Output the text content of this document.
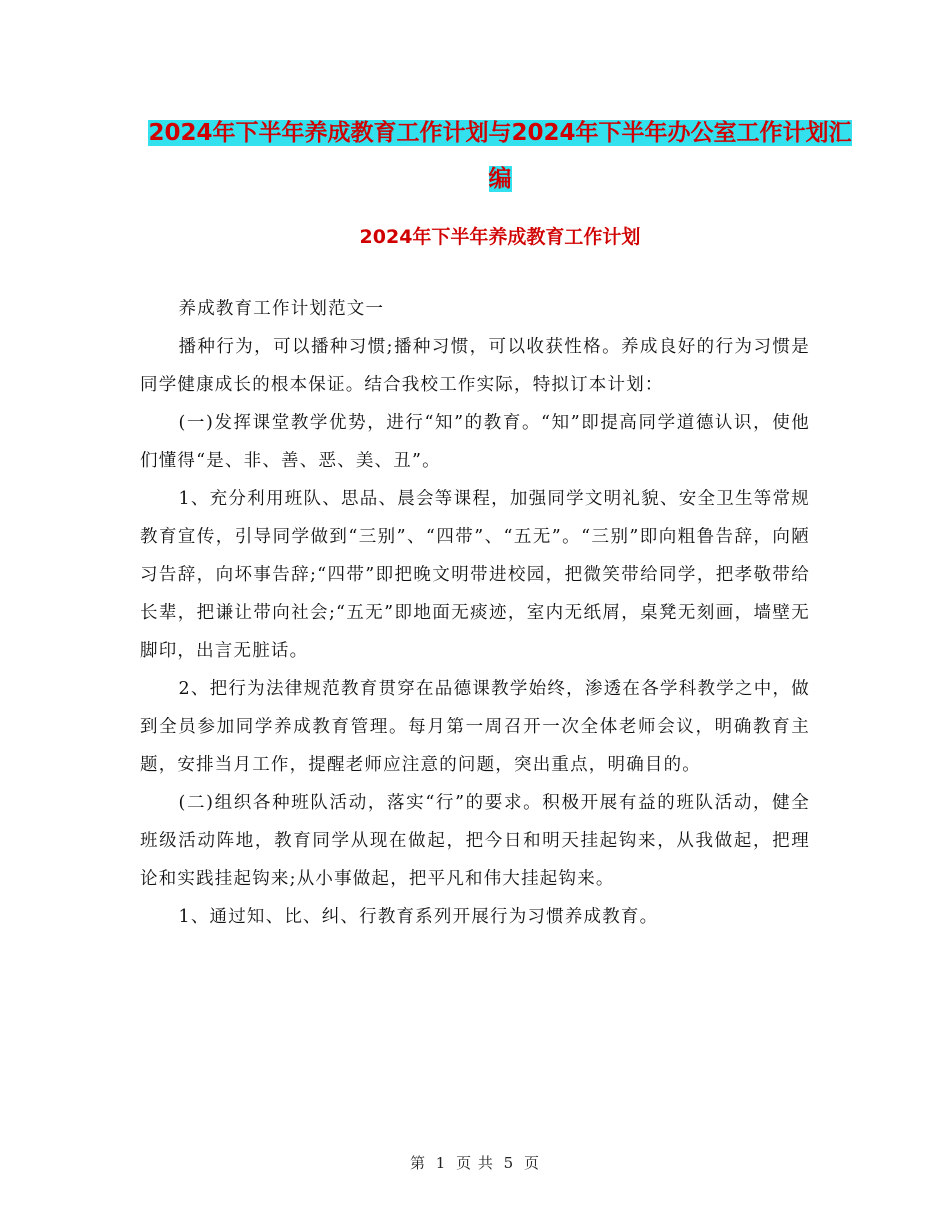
2024年下半年养成教育工作计划与2024年下半年办公室工作计划汇编
2024年下半年养成教育工作计划

养成教育工作计划范文一

播种行为，可以播种习惯;播种习惯，可以收获性格。养成良好的行为习惯是同学健康成长的根本保证。结合我校工作实际，特拟订本计划：

(一)发挥课堂教学优势，进行“知”的教育。“知”即提高同学道德认识，使他们懂得“是、非、善、恶、美、丑”。

1、充分利用班队、思品、晨会等课程，加强同学文明礼貌、安全卫生等常规教育宣传，引导同学做到“三别”、“四带”、“五无”。“三别”即向粗鲁告辞，向陋习告辞，向坏事告辞;“四带”即把晚文明带进校园，把微笑带给同学，把孝敬带给长辈，把谦让带向社会;“五无”即地面无痰迹，室内无纸屑，桌凳无刻画，墙壁无脚印，出言无脏话。

2、把行为法律规范教育贯穿在品德课教学始终，渗透在各学科教学之中，做到全员参加同学养成教育管理。每月第一周召开一次全体老师会议，明确教育主题，安排当月工作，提醒老师应注意的问题，突出重点，明确目的。

(二)组织各种班队活动，落实“行”的要求。积极开展有益的班队活动，健全班级活动阵地，教育同学从现在做起，把今日和明天挂起钩来，从我做起，把理论和实践挂起钩来;从小事做起，把平凡和伟大挂起钩来。

1、通过知、比、纠、行教育系列开展行为习惯养成教育。

第 1 页 共 5 页
